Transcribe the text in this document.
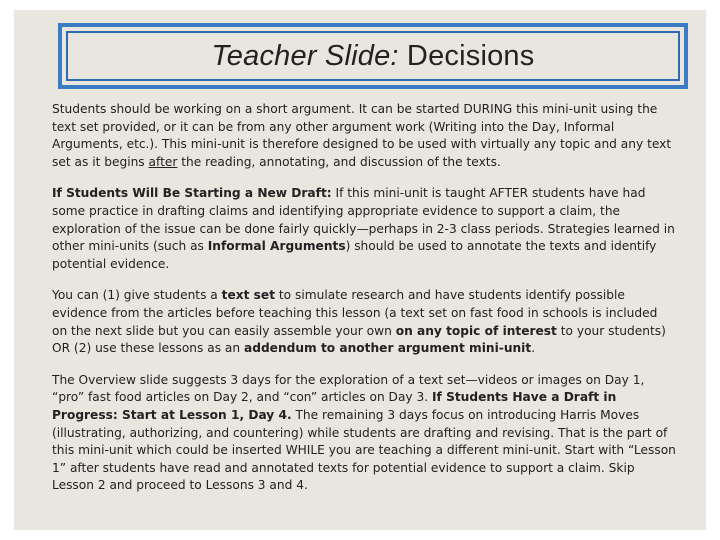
Teacher Slide: Decisions

Students should be working on a short argument. It can be started DURING this mini-unit using the text set provided, or it can be from any other argument work (Writing into the Day, Informal Arguments, etc.). This mini-unit is therefore designed to be used with virtually any topic and any text set as it begins after the reading, annotating, and discussion of the texts.

If Students Will Be Starting a New Draft: If this mini-unit is taught AFTER students have had some practice in drafting claims and identifying appropriate evidence to support a claim, the exploration of the issue can be done fairly quickly—perhaps in 2-3 class periods. Strategies learned in other mini-units (such as Informal Arguments) should be used to annotate the texts and identify potential evidence.

You can (1) give students a text set to simulate research and have students identify possible evidence from the articles before teaching this lesson (a text set on fast food in schools is included on the next slide but you can easily assemble your own on any topic of interest to your students) OR (2) use these lessons as an addendum to another argument mini-unit.

The Overview slide suggests 3 days for the exploration of a text set—videos or images on Day 1, “pro” fast food articles on Day 2, and “con” articles on Day 3. If Students Have a Draft in Progress: Start at Lesson 1, Day 4. The remaining 3 days focus on introducing Harris Moves (illustrating, authorizing, and countering) while students are drafting and revising. That is the part of this mini-unit which could be inserted WHILE you are teaching a different mini-unit. Start with “Lesson 1” after students have read and annotated texts for potential evidence to support a claim. Skip Lesson 2 and proceed to Lessons 3 and 4.
